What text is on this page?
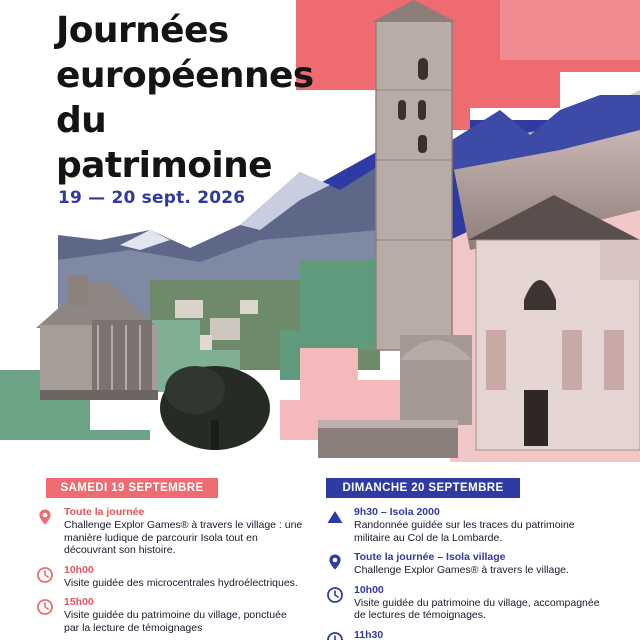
Journées
européennes
du
patrimoine
19 — 20 sept. 2026
SAMEDI 19 SEPTEMBRE	DIMANCHE 20 SEPTEMBRE
Toute la journée
Challenge Explor Games® à travers le village : une manière ludique de parcourir Isola tout en découvrant son histoire.
10h00
Visite guidée des microcentrales hydroélectriques.
15h00
Visite guidée du patrimoine du village, ponctuée par la lecture de témoignages
9h30 – Isola 2000
Randonnée guidée sur les traces du patrimoine militaire au Col de la Lombarde.
Toute la journée – Isola village
Challenge Explor Games® à travers le village.
10h00
Visite guidée du patrimoine du village, accompagnée de lectures de témoignages.
11h30
